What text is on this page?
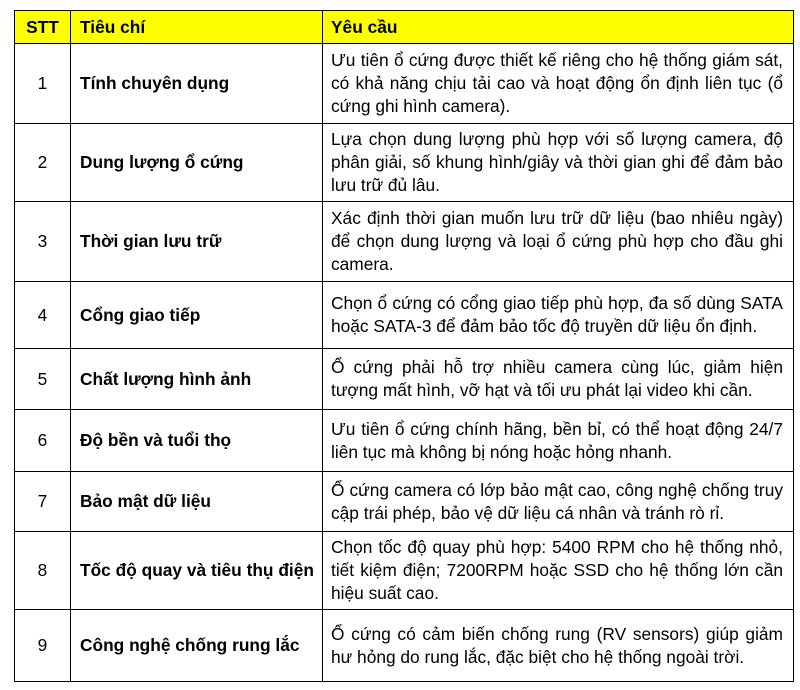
STT	Tiêu chí	Yêu cầu
1	Tính chuyên dụng	Ưu tiên ổ cứng được thiết kế riêng cho hệ thống giám sát, có khả năng chịu tải cao và hoạt động ổn định liên tục (ổ cứng ghi hình camera).
2	Dung lượng ổ cứng	Lựa chọn dung lượng phù hợp với số lượng camera, độ phân giải, số khung hình/giây và thời gian ghi để đảm bảo lưu trữ đủ lâu.
3	Thời gian lưu trữ	Xác định thời gian muốn lưu trữ dữ liệu (bao nhiêu ngày) để chọn dung lượng và loại ổ cứng phù hợp cho đầu ghi camera.
4	Cổng giao tiếp	Chọn ổ cứng có cổng giao tiếp phù hợp, đa số dùng SATA hoặc SATA-3 để đảm bảo tốc độ truyền dữ liệu ổn định.
5	Chất lượng hình ảnh	Ổ cứng phải hỗ trợ nhiều camera cùng lúc, giảm hiện tượng mất hình, vỡ hạt và tối ưu phát lại video khi cần.
6	Độ bền và tuổi thọ	Ưu tiên ổ cứng chính hãng, bền bỉ, có thể hoạt động 24/7 liên tục mà không bị nóng hoặc hỏng nhanh.
7	Bảo mật dữ liệu	Ổ cứng camera có lớp bảo mật cao, công nghệ chống truy cập trái phép, bảo vệ dữ liệu cá nhân và tránh rò rỉ.
8	Tốc độ quay và tiêu thụ điện	Chọn tốc độ quay phù hợp: 5400 RPM cho hệ thống nhỏ, tiết kiệm điện; 7200RPM hoặc SSD cho hệ thống lớn cần hiệu suất cao.
9	Công nghệ chống rung lắc	Ổ cứng có cảm biến chống rung (RV sensors) giúp giảm hư hỏng do rung lắc, đặc biệt cho hệ thống ngoài trời.
